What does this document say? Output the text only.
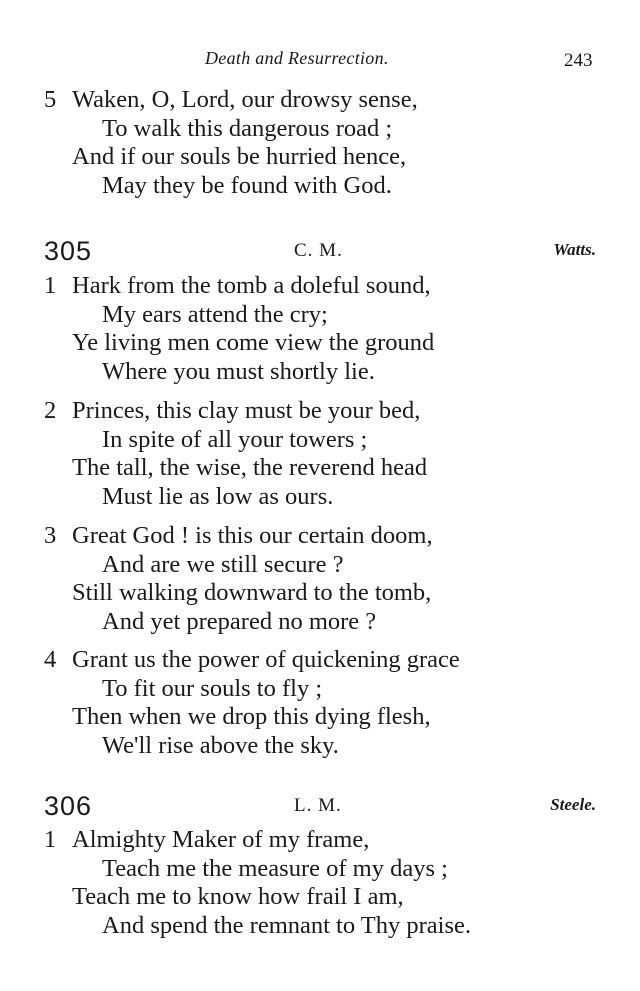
Death and Resurrection.	243
5 Waken, O, Lord, our drowsy sense,
To walk this dangerous road ;
And if our souls be hurried hence,
May they be found with God.
305	C. M.	Watts.
1 Hark from the tomb a doleful sound,
My ears attend the cry;
Ye living men come view the ground
Where you must shortly lie.
2 Princes, this clay must be your bed,
In spite of all your towers ;
The tall, the wise, the reverend head
Must lie as low as ours.
3 Great God ! is this our certain doom,
And are we still secure ?
Still walking downward to the tomb,
And yet prepared no more ?
4 Grant us the power of quickening grace
To fit our souls to fly ;
Then when we drop this dying flesh,
We'll rise above the sky.
306	L. M.	Steele.
1 Almighty Maker of my frame,
Teach me the measure of my days ;
Teach me to know how frail I am,
And spend the remnant to Thy praise.
